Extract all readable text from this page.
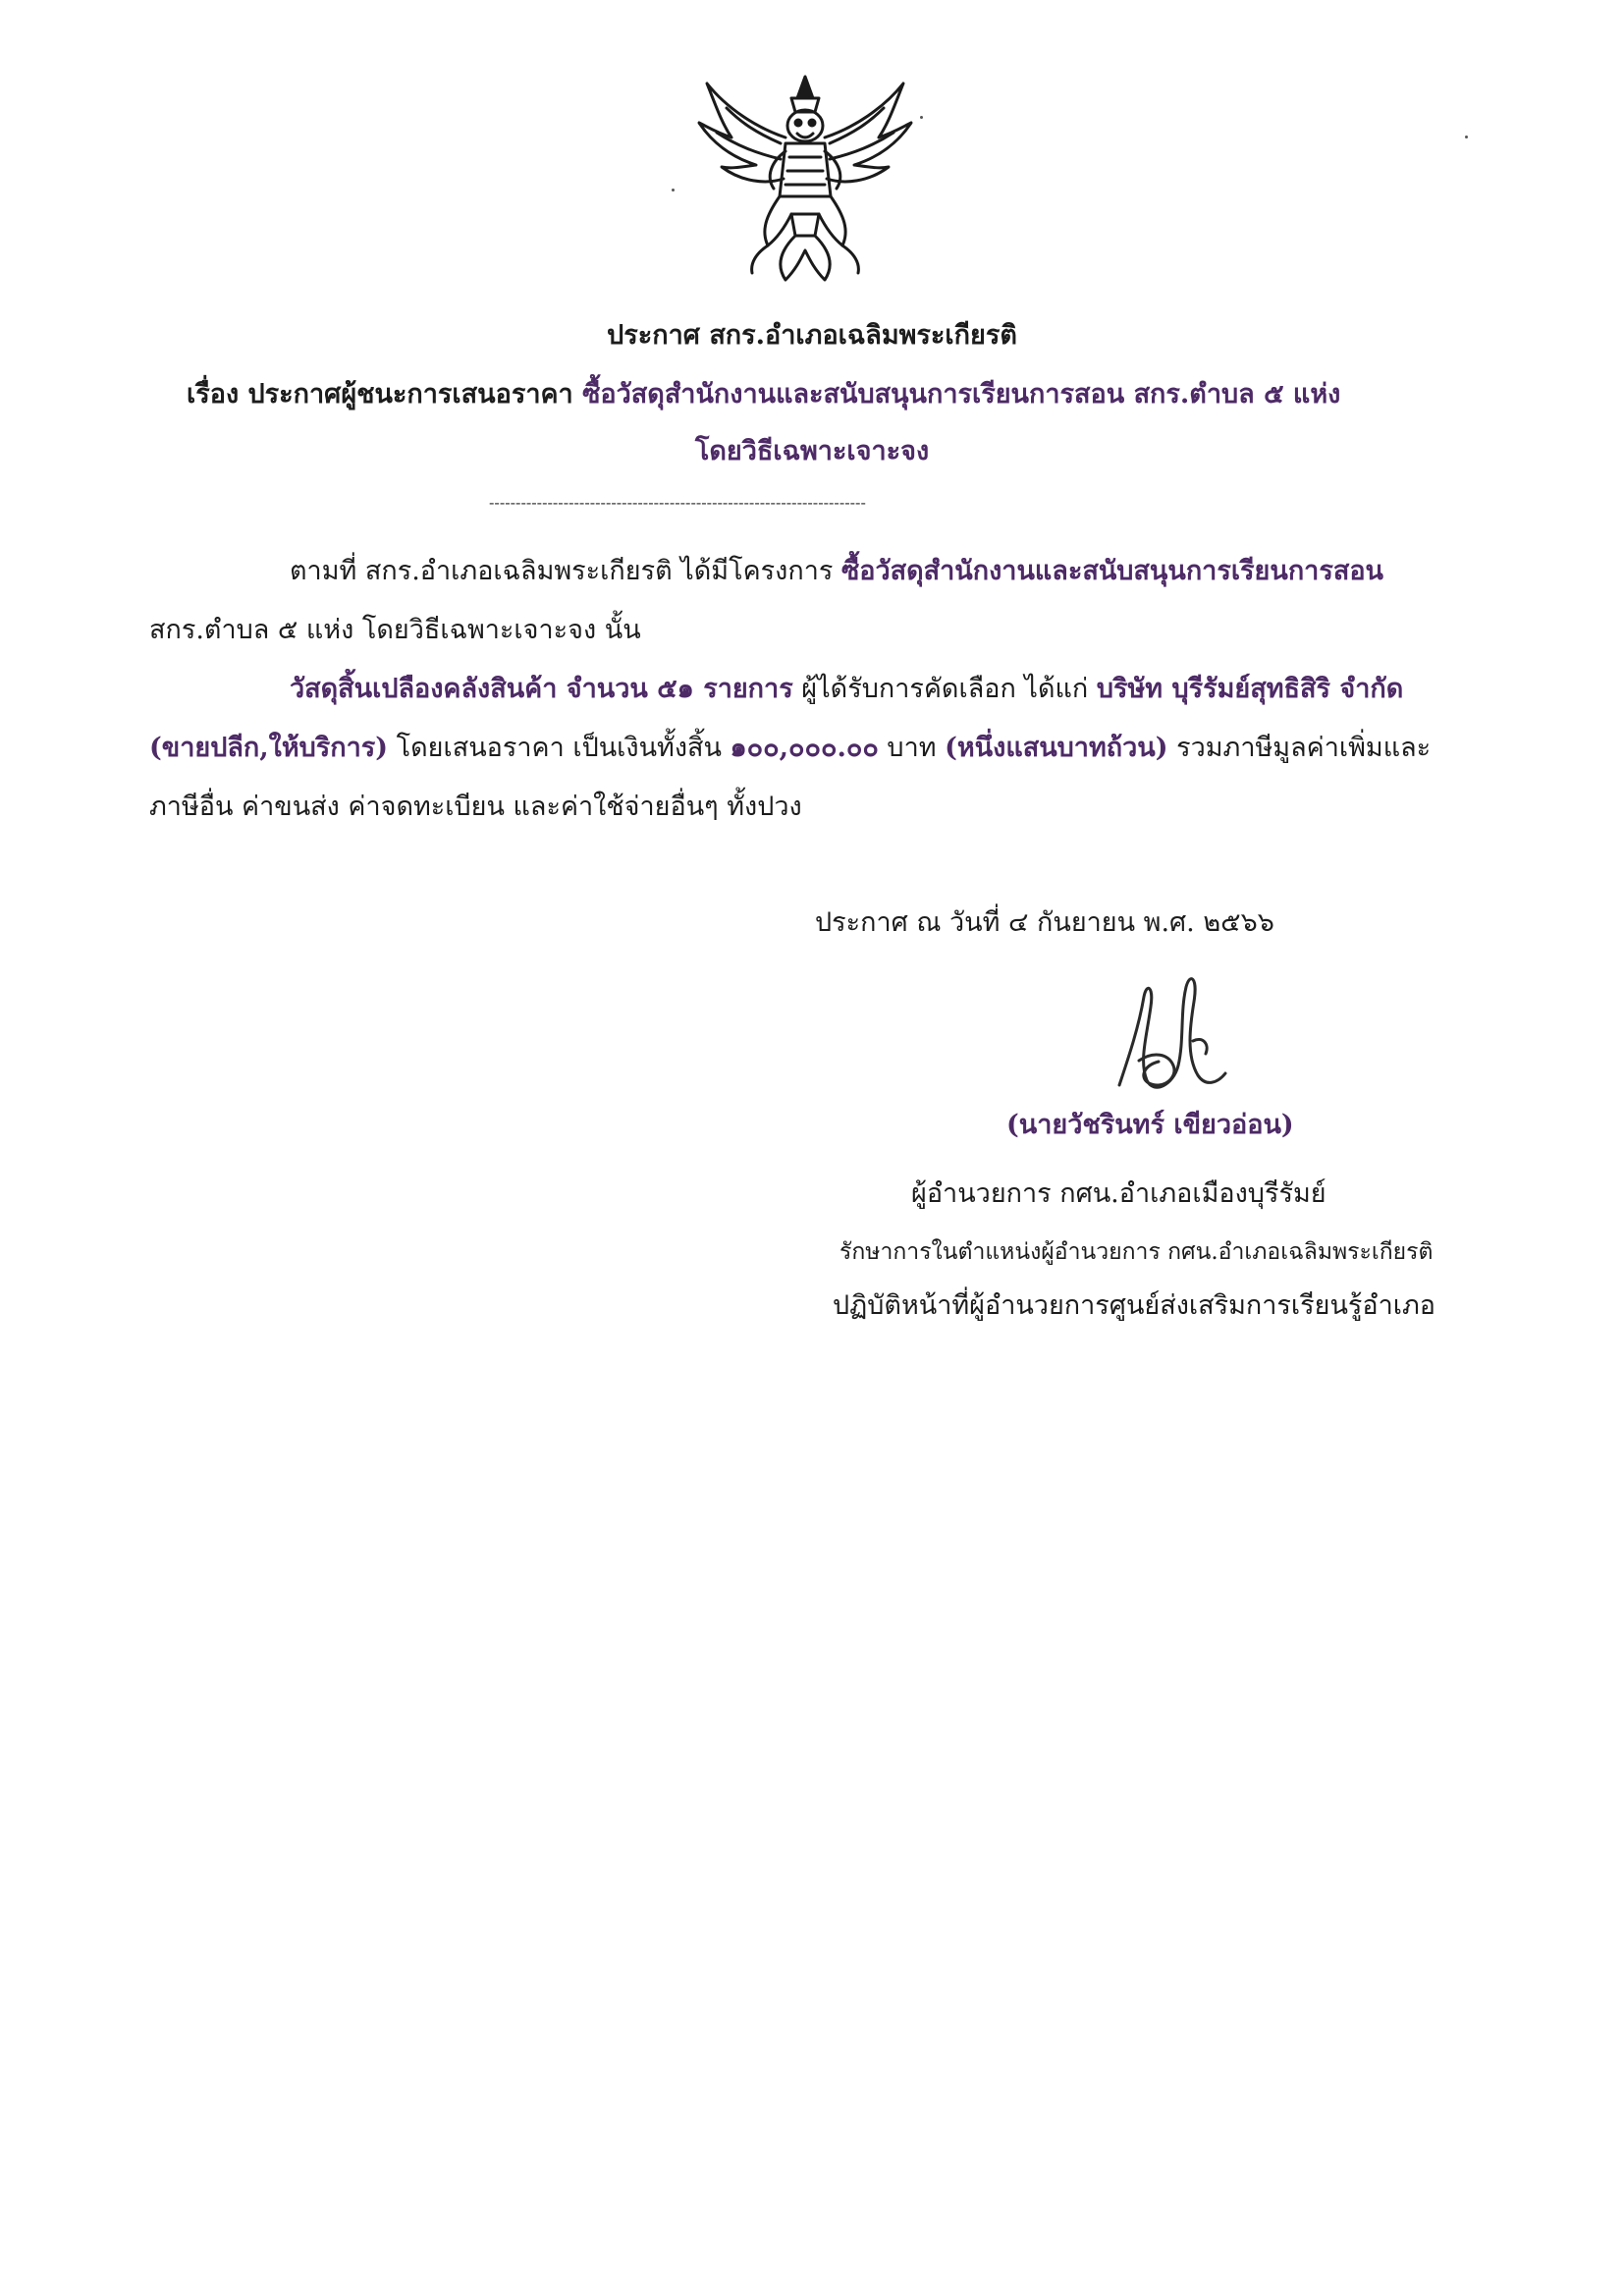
ประกาศ สกร.อำเภอเฉลิมพระเกียรติ
เรื่อง ประกาศผู้ชนะการเสนอราคา ซื้อวัสดุสำนักงานและสนับสนุนการเรียนการสอน สกร.ตำบล ๕ แห่ง
โดยวิธีเฉพาะเจาะจง
-----------------------------------------------------------------------
ตามที่ สกร.อำเภอเฉลิมพระเกียรติ ได้มีโครงการ ซื้อวัสดุสำนักงานและสนับสนุนการเรียนการสอน
สกร.ตำบล ๕ แห่ง โดยวิธีเฉพาะเจาะจง นั้น
วัสดุสิ้นเปลืองคลังสินค้า จำนวน ๕๑ รายการ ผู้ได้รับการคัดเลือก ได้แก่ บริษัท บุรีรัมย์สุทธิสิริ จำกัด
(ขายปลีก,ให้บริการ) โดยเสนอราคา เป็นเงินทั้งสิ้น ๑๐๐,๐๐๐.๐๐ บาท (หนึ่งแสนบาทถ้วน) รวมภาษีมูลค่าเพิ่มและ
ภาษีอื่น ค่าขนส่ง ค่าจดทะเบียน และค่าใช้จ่ายอื่นๆ ทั้งปวง
ประกาศ ณ วันที่ ๔ กันยายน พ.ศ. ๒๕๖๖
(นายวัชรินทร์ เขียวอ่อน)
ผู้อำนวยการ กศน.อำเภอเมืองบุรีรัมย์
รักษาการในตำแหน่งผู้อำนวยการ กศน.อำเภอเฉลิมพระเกียรติ
ปฏิบัติหน้าที่ผู้อำนวยการศูนย์ส่งเสริมการเรียนรู้อำเภอ
